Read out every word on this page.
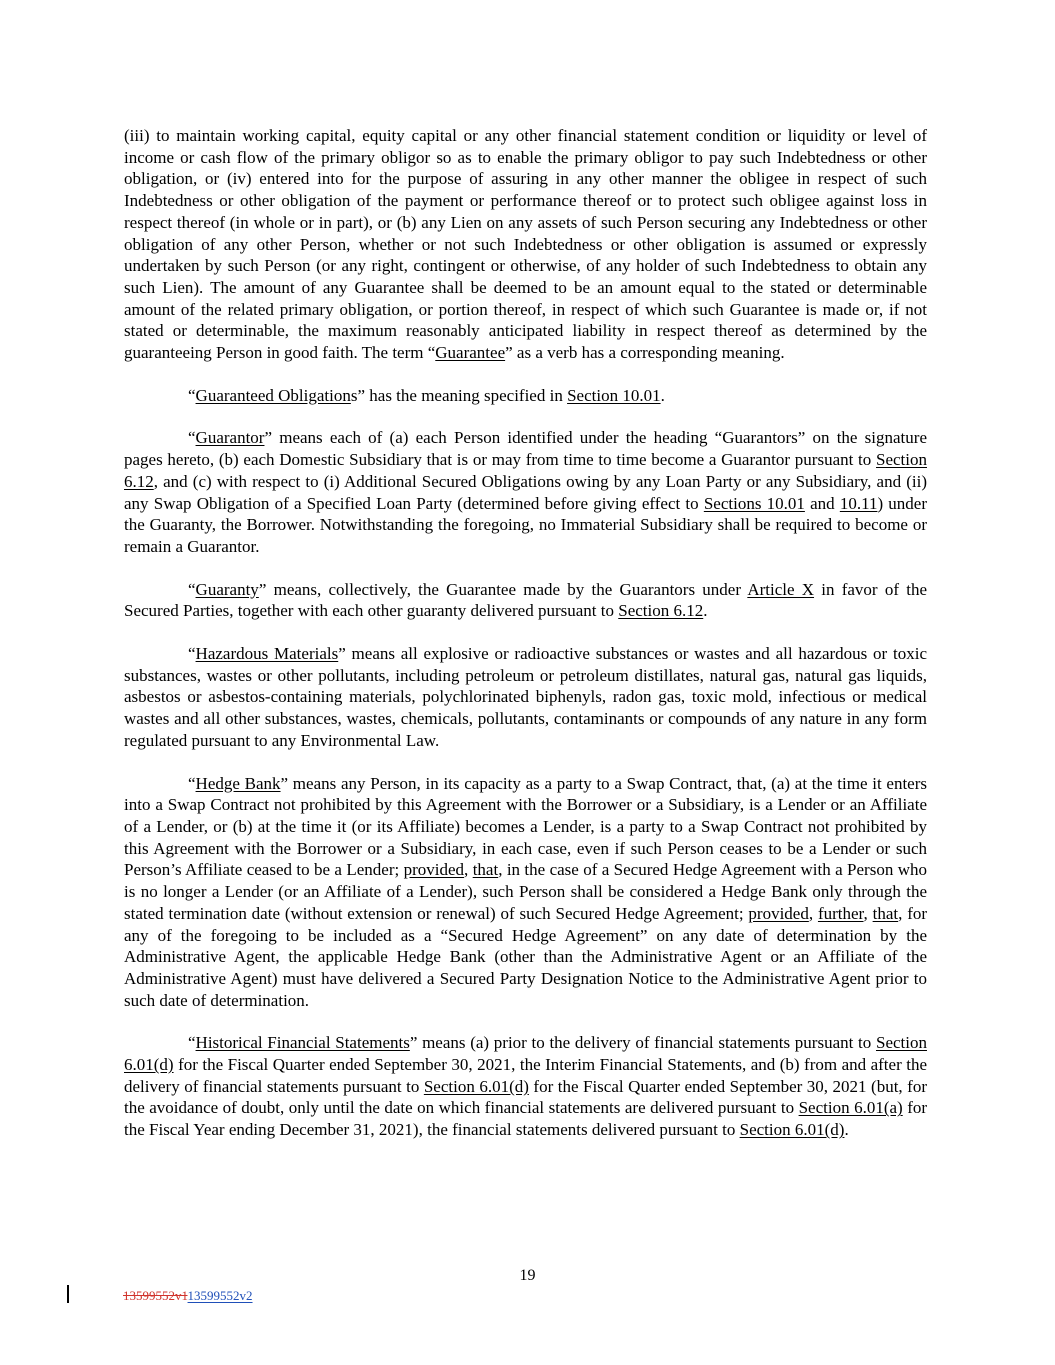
(iii) to maintain working capital, equity capital or any other financial statement condition or liquidity or level of income or cash flow of the primary obligor so as to enable the primary obligor to pay such Indebtedness or other obligation, or (iv) entered into for the purpose of assuring in any other manner the obligee in respect of such Indebtedness or other obligation of the payment or performance thereof or to protect such obligee against loss in respect thereof (in whole or in part), or (b) any Lien on any assets of such Person securing any Indebtedness or other obligation of any other Person, whether or not such Indebtedness or other obligation is assumed or expressly undertaken by such Person (or any right, contingent or otherwise, of any holder of such Indebtedness to obtain any such Lien). The amount of any Guarantee shall be deemed to be an amount equal to the stated or determinable amount of the related primary obligation, or portion thereof, in respect of which such Guarantee is made or, if not stated or determinable, the maximum reasonably anticipated liability in respect thereof as determined by the guaranteeing Person in good faith. The term “Guarantee” as a verb has a corresponding meaning.

“Guaranteed Obligations” has the meaning specified in Section 10.01.

“Guarantor” means each of (a) each Person identified under the heading “Guarantors” on the signature pages hereto, (b) each Domestic Subsidiary that is or may from time to time become a Guarantor pursuant to Section 6.12, and (c) with respect to (i) Additional Secured Obligations owing by any Loan Party or any Subsidiary, and (ii) any Swap Obligation of a Specified Loan Party (determined before giving effect to Sections 10.01 and 10.11) under the Guaranty, the Borrower. Notwithstanding the foregoing, no Immaterial Subsidiary shall be required to become or remain a Guarantor.

“Guaranty” means, collectively, the Guarantee made by the Guarantors under Article X in favor of the Secured Parties, together with each other guaranty delivered pursuant to Section 6.12.

“Hazardous Materials” means all explosive or radioactive substances or wastes and all hazardous or toxic substances, wastes or other pollutants, including petroleum or petroleum distillates, natural gas, natural gas liquids, asbestos or asbestos-containing materials, polychlorinated biphenyls, radon gas, toxic mold, infectious or medical wastes and all other substances, wastes, chemicals, pollutants, contaminants or compounds of any nature in any form regulated pursuant to any Environmental Law.

“Hedge Bank” means any Person, in its capacity as a party to a Swap Contract, that, (a) at the time it enters into a Swap Contract not prohibited by this Agreement with the Borrower or a Subsidiary, is a Lender or an Affiliate of a Lender, or (b) at the time it (or its Affiliate) becomes a Lender, is a party to a Swap Contract not prohibited by this Agreement with the Borrower or a Subsidiary, in each case, even if such Person ceases to be a Lender or such Person’s Affiliate ceased to be a Lender; provided, that, in the case of a Secured Hedge Agreement with a Person who is no longer a Lender (or an Affiliate of a Lender), such Person shall be considered a Hedge Bank only through the stated termination date (without extension or renewal) of such Secured Hedge Agreement; provided, further, that, for any of the foregoing to be included as a “Secured Hedge Agreement” on any date of determination by the Administrative Agent, the applicable Hedge Bank (other than the Administrative Agent or an Affiliate of the Administrative Agent) must have delivered a Secured Party Designation Notice to the Administrative Agent prior to such date of determination.

“Historical Financial Statements” means (a) prior to the delivery of financial statements pursuant to Section 6.01(d) for the Fiscal Quarter ended September 30, 2021, the Interim Financial Statements, and (b) from and after the delivery of financial statements pursuant to Section 6.01(d) for the Fiscal Quarter ended September 30, 2021 (but, for the avoidance of doubt, only until the date on which financial statements are delivered pursuant to Section 6.01(a) for the Fiscal Year ending December 31, 2021), the financial statements delivered pursuant to Section 6.01(d).

19
13599552v113599552v2
